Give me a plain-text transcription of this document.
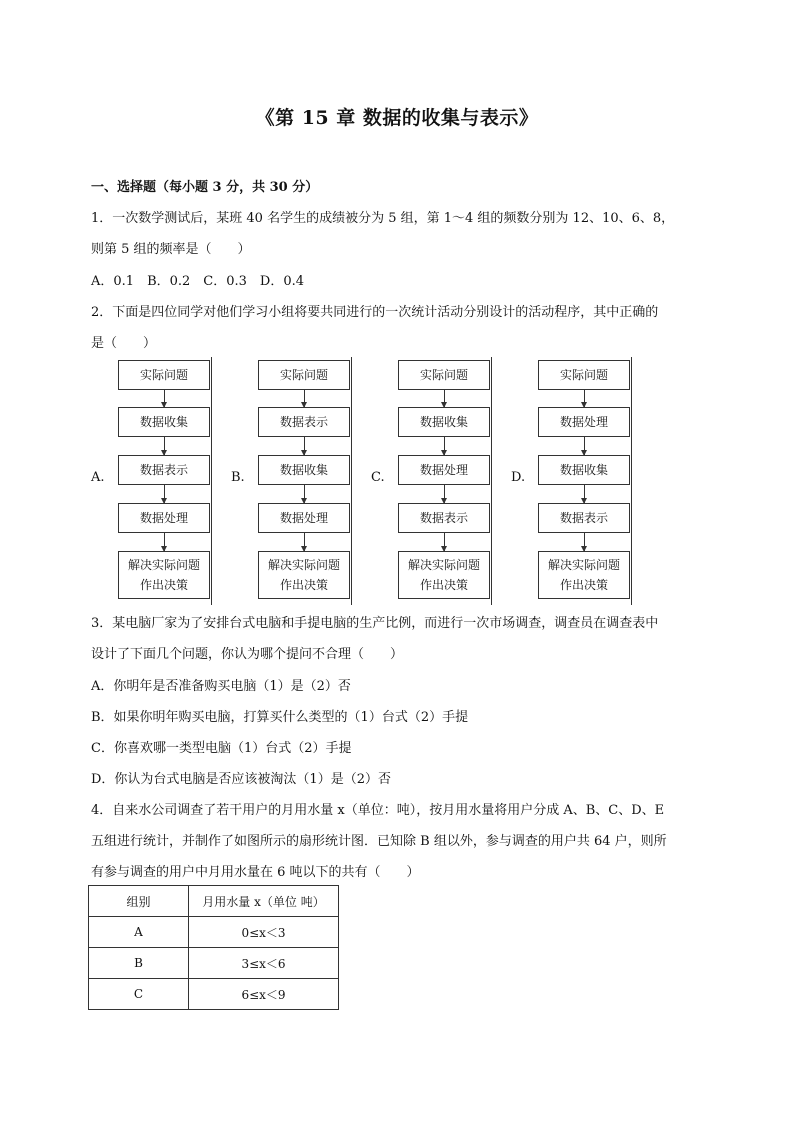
《第 15 章 数据的收集与表示》
一、选择题（每小题 3 分，共 30 分）
1．一次数学测试后，某班 40 名学生的成绩被分为 5 组，第 1～4 组的频数分别为 12、10、6、8，
则第 5 组的频率是（　　）
A．0.1　B．0.2　C．0.3　D．0.4
2．下面是四位同学对他们学习小组将要共同进行的一次统计活动分别设计的活动程序，其中正确的
是（　　）
A.
实际问题
数据收集
数据表示
数据处理
解决实际问题
作出决策
B.
实际问题
数据表示
数据收集
数据处理
解决实际问题
作出决策
C.
实际问题
数据收集
数据处理
数据表示
解决实际问题
作出决策
D.
实际问题
数据处理
数据收集
数据表示
解决实际问题
作出决策
3．某电脑厂家为了安排台式电脑和手提电脑的生产比例，而进行一次市场调查，调查员在调查表中
设计了下面几个问题，你认为哪个提问不合理（　　）
A．你明年是否准备购买电脑（1）是（2）否
B．如果你明年购买电脑，打算买什么类型的（1）台式（2）手提
C．你喜欢哪一类型电脑（1）台式（2）手提
D．你认为台式电脑是否应该被淘汰（1）是（2）否
4．自来水公司调查了若干用户的月用水量 x（单位：吨），按月用水量将用户分成 A、B、C、D、E
五组进行统计，并制作了如图所示的扇形统计图．已知除 B 组以外，参与调查的用户共 64 户，则所
有参与调查的用户中月用水量在 6 吨以下的共有（　　）
组别	月用水量 x（单位 吨）
A	0≤x＜3
B	3≤x＜6
C	6≤x＜9
